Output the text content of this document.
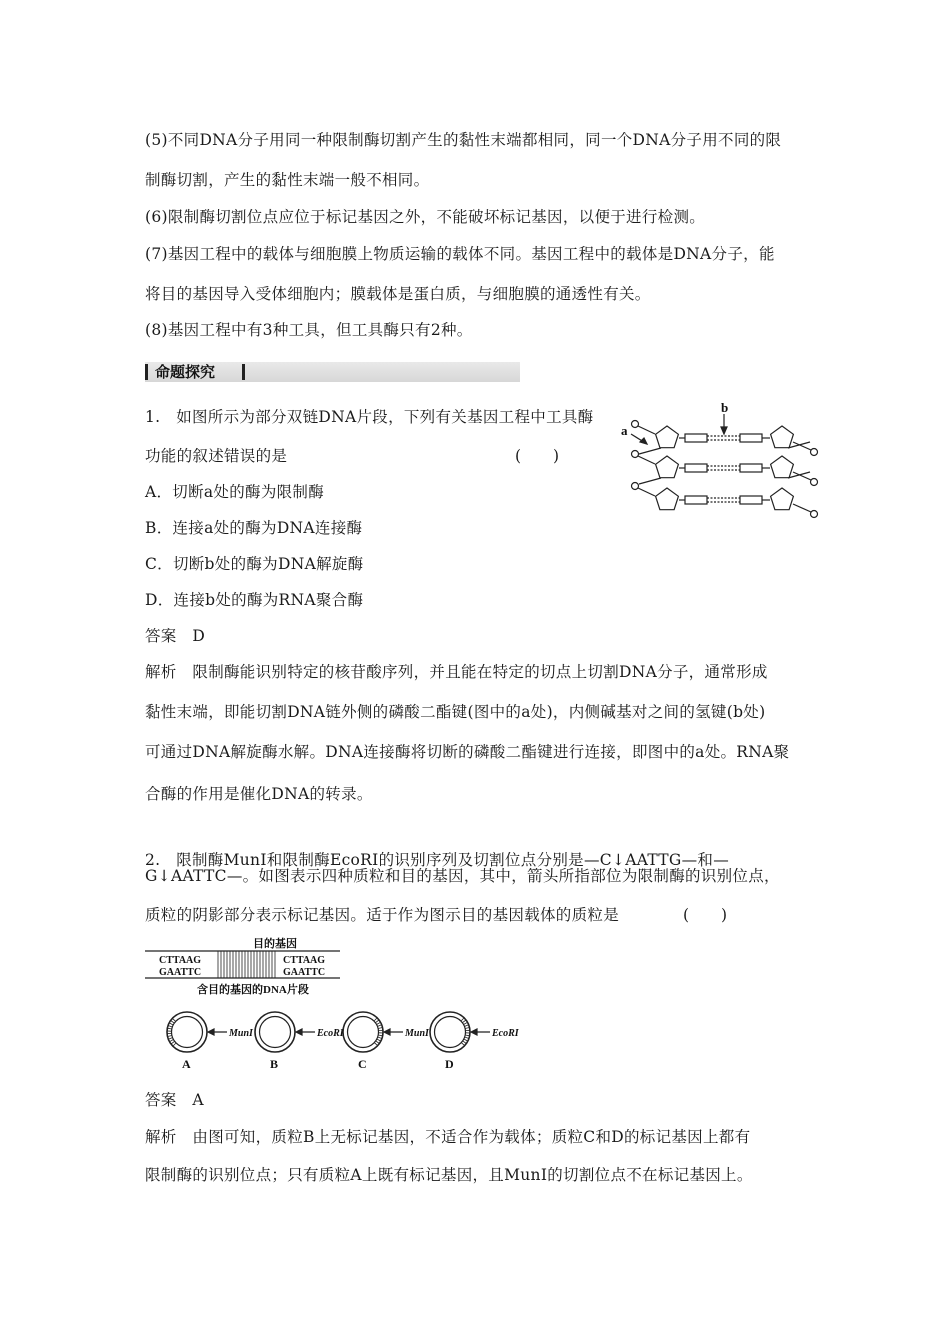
(5)不同DNA分子用同一种限制酶切割产生的黏性末端都相同，同一个DNA分子用不同的限
制酶切割，产生的黏性末端一般不相同。
(6)限制酶切割位点应位于标记基因之外，不能破坏标记基因，以便于进行检测。
(7)基因工程中的载体与细胞膜上物质运输的载体不同。基因工程中的载体是DNA分子，能
将目的基因导入受体细胞内；膜载体是蛋白质，与细胞膜的通透性有关。
(8)基因工程中有3种工具，但工具酶只有2种。
命题探究
1.　如图所示为部分双链DNA片段，下列有关基因工程中工具酶
功能的叙述错误的是	(　　)
A．切断a处的酶为限制酶
B．连接a处的酶为DNA连接酶
C．切断b处的酶为DNA解旋酶
D．连接b处的酶为RNA聚合酶
答案　D
解析　限制酶能识别特定的核苷酸序列，并且能在特定的切点上切割DNA分子，通常形成
黏性末端，即能切割DNA链外侧的磷酸二酯键(图中的a处)，内侧碱基对之间的氢键(b处)
可通过DNA解旋酶水解。DNA连接酶将切断的磷酸二酯键进行连接，即图中的a处。RNA聚
合酶的作用是催化DNA的转录。
a
b
2.　限制酶MunⅠ和限制酶EcoRⅠ的识别序列及切割位点分别是—C↓AATTG—和—
G↓AATTC—。如图表示四种质粒和目的基因，其中，箭头所指部位为限制酶的识别位点，
质粒的阴影部分表示标记基因。适于作为图示目的基因载体的质粒是	(　　)
目的基因
CTTAAG
GAATTC
CTTAAG
GAATTC
含目的基因的DNA片段
MunI
A
EcoRI
B
MunI
C
EcoRI
D
答案　A
解析　由图可知，质粒B上无标记基因，不适合作为载体；质粒C和D的标记基因上都有
限制酶的识别位点；只有质粒A上既有标记基因，且MunⅠ的切割位点不在标记基因上。
